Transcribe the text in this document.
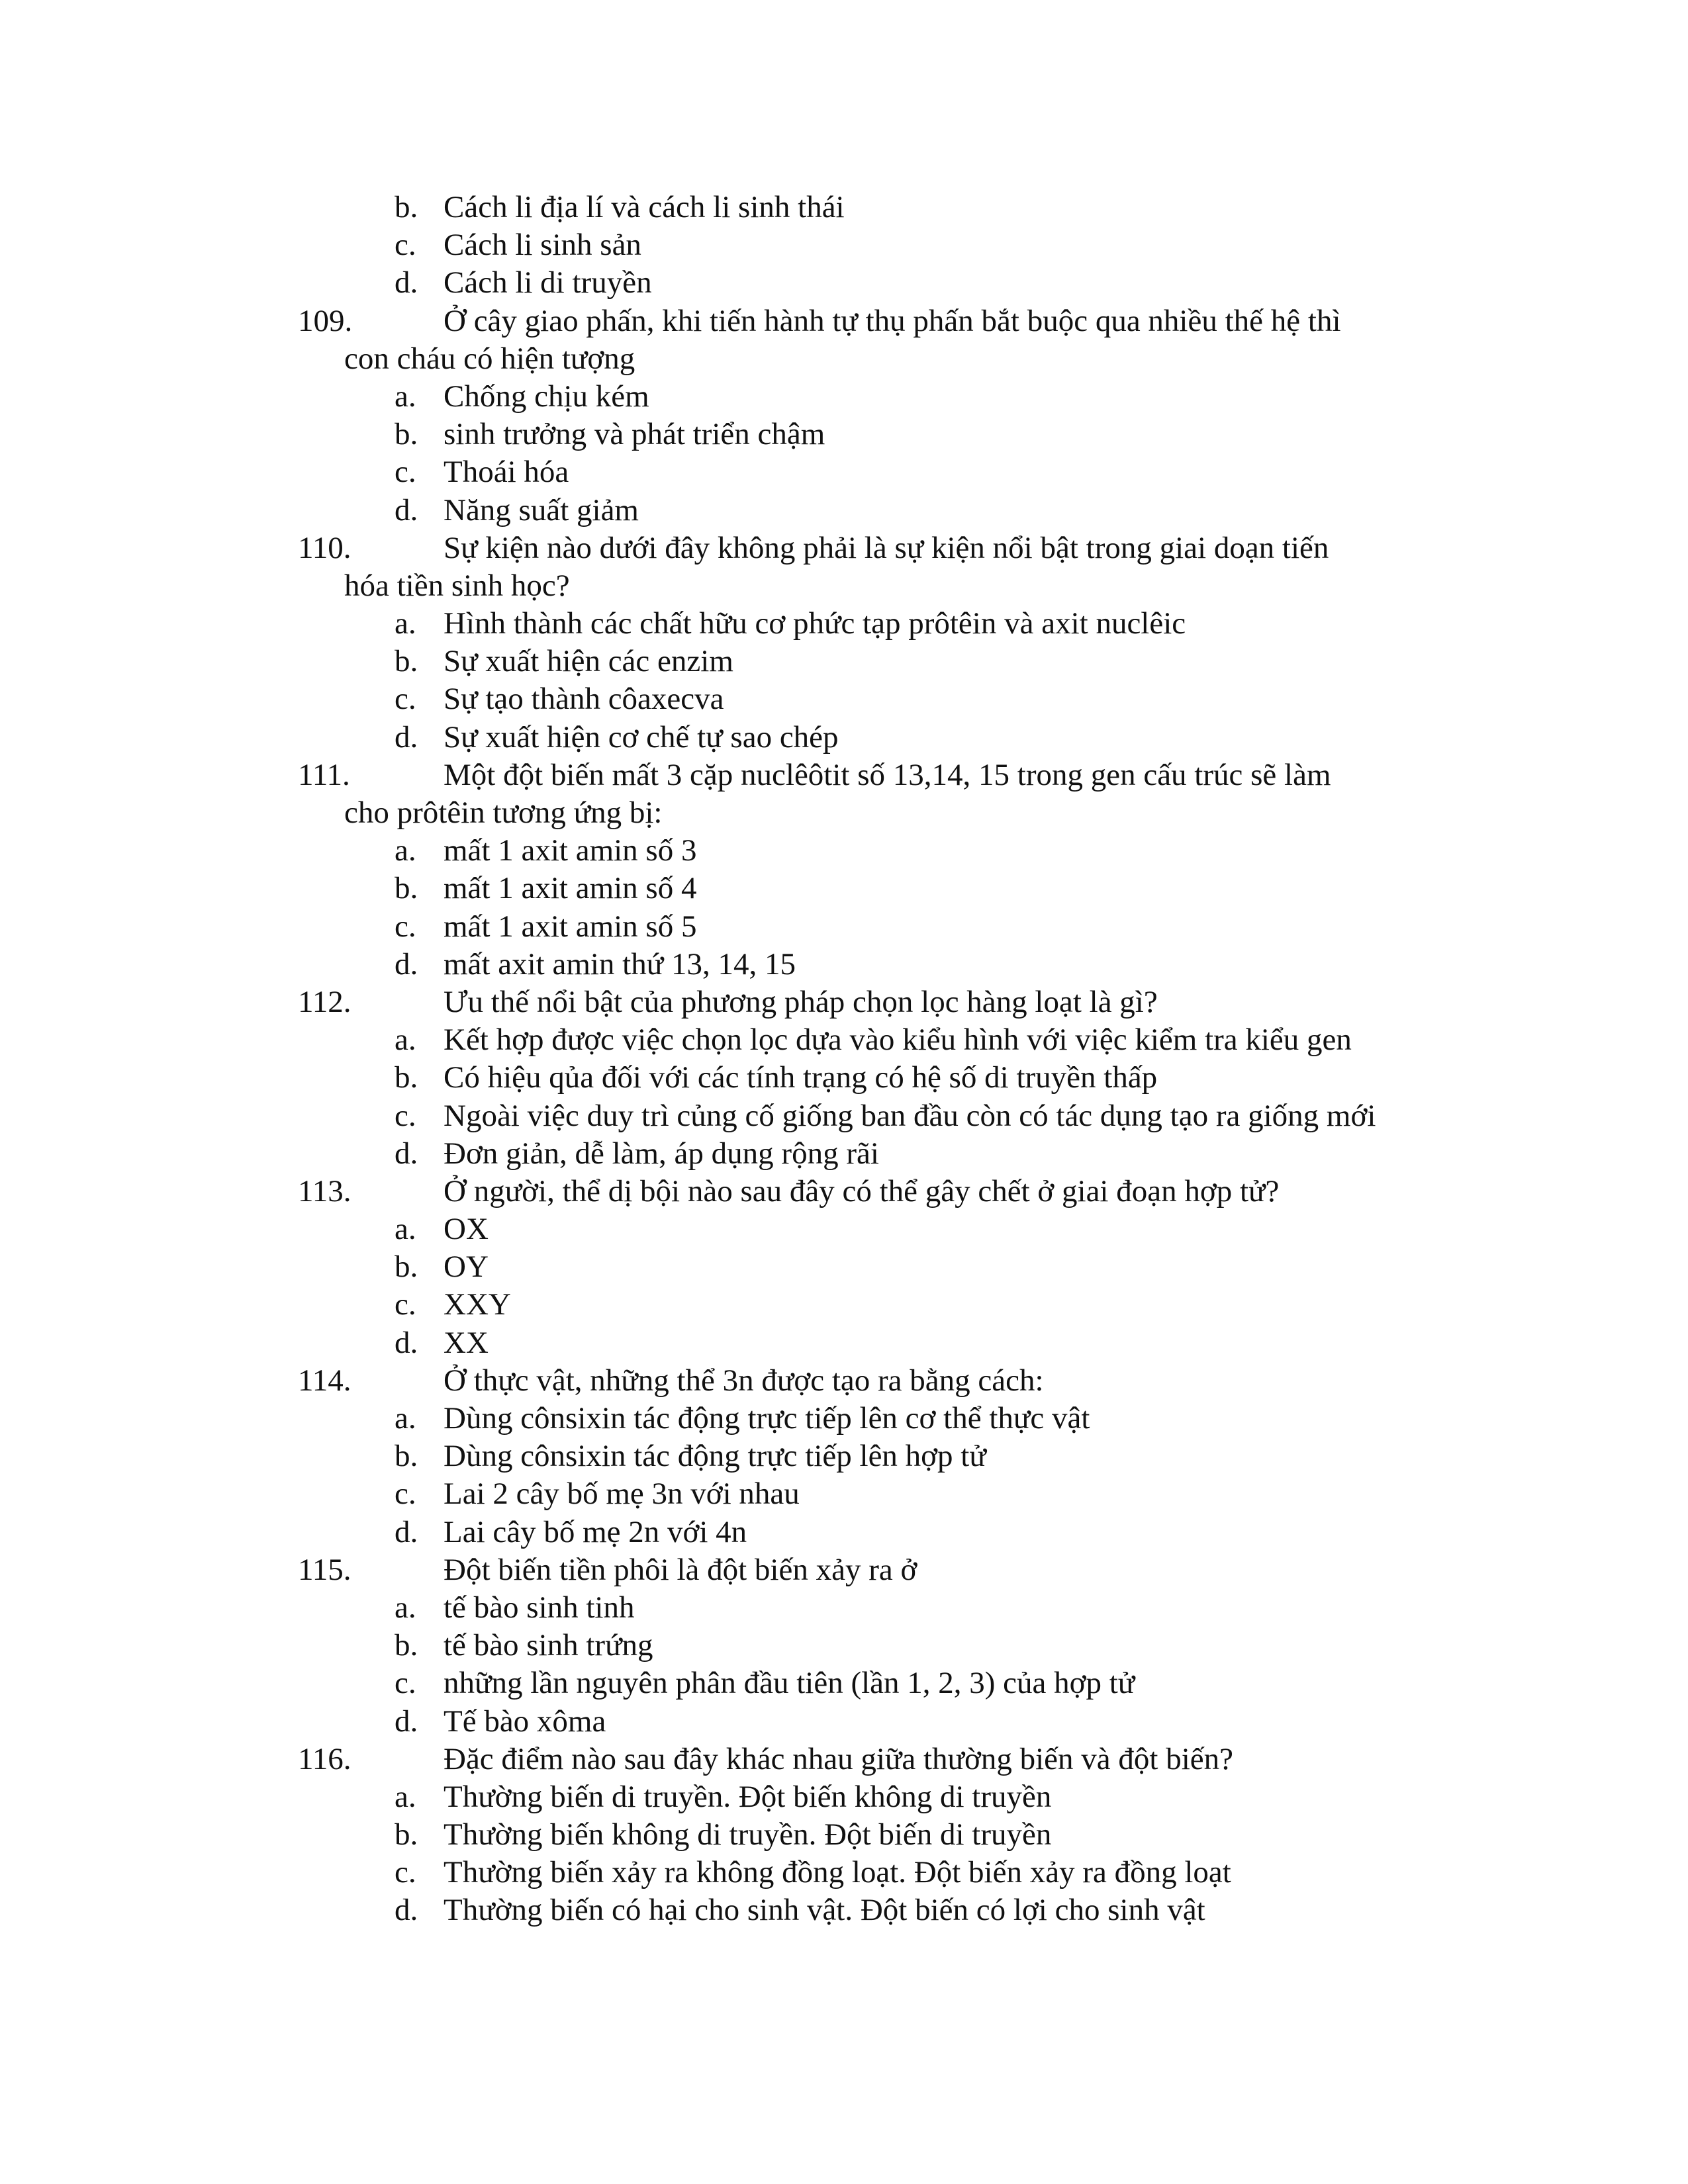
b. Cách li địa lí và cách li sinh thái
c. Cách li sinh sản
d. Cách li di truyền
109.	Ở cây giao phấn, khi tiến hành tự thụ phấn bắt buộc qua nhiều thế hệ thì
con cháu có hiện tượng
a. Chống chịu kém
b. sinh trưởng và phát triển chậm
c. Thoái hóa
d. Năng suất giảm
110.	Sự kiện nào dưới đây không phải là sự kiện nổi bật trong giai doạn tiến
hóa tiền sinh học?
a. Hình thành các chất hữu cơ phức tạp prôtêin và axit nuclêic
b. Sự xuất hiện các enzim
c. Sự tạo thành côaxecva
d. Sự xuất hiện cơ chế tự sao chép
111.	Một đột biến mất 3 cặp nuclêôtit số 13,14, 15 trong gen cấu trúc sẽ làm
cho prôtêin tương ứng bị:
a. mất 1 axit amin số 3
b. mất 1 axit amin số 4
c. mất 1 axit amin số 5
d. mất axit amin thứ 13, 14, 15
112.	Ưu thế nổi bật của phương pháp chọn lọc hàng loạt là gì?
a. Kết hợp được việc chọn lọc dựa vào kiểu hình với việc kiểm tra kiểu gen
b. Có hiệu qủa đối với các tính trạng có hệ số di truyền thấp
c. Ngoài việc duy trì củng cố giống ban đầu còn có tác dụng tạo ra giống mới
d. Đơn giản, dễ làm, áp dụng rộng rãi
113.	Ở người, thể dị bội nào sau đây có thể gây chết ở giai đoạn hợp tử?
a. OX
b. OY
c. XXY
d. XX
114.	Ở thực vật, những thể 3n được tạo ra bằng cách:
a. Dùng cônsixin tác động trực tiếp lên cơ thể thực vật
b. Dùng cônsixin tác động trực tiếp lên hợp tử
c. Lai 2 cây bố mẹ 3n với nhau
d. Lai cây bố mẹ 2n với 4n
115.	Đột biến tiền phôi là đột biến xảy ra ở
a. tế bào sinh tinh
b. tế bào sinh trứng
c. những lần nguyên phân đầu tiên (lần 1, 2, 3) của hợp tử
d. Tế bào xôma
116.	Đặc điểm nào sau đây khác nhau giữa thường biến và đột biến?
a. Thường biến di truyền. Đột biến không di truyền
b. Thường biến không di truyền. Đột biến di truyền
c. Thường biến xảy ra không đồng loạt. Đột biến xảy ra đồng loạt
d. Thường biến có hại cho sinh vật. Đột biến có lợi cho sinh vật
